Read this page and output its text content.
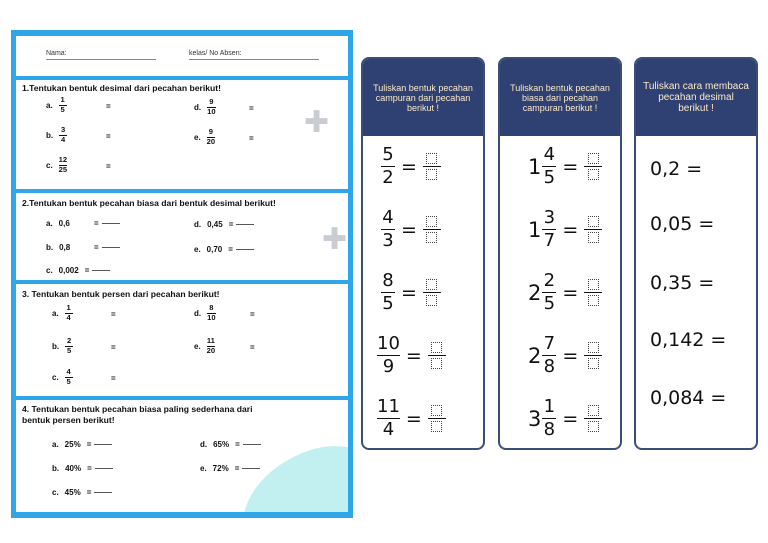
Nama:	kelas/ No Absen:
1.Tentukan bentuk desimal dari pecahan berikut!
a. $\frac{1}{5}$	=
b. $\frac{3}{4}$	=
c. $\frac{12}{25}$	=
d. $\frac{9}{10}$	=
e. $\frac{9}{20}$	= ✚
2.Tentukan bentuk pecahan biasa dari bentuk desimal berikut!
a. 0,6	=
b. 0,8	=
c. 0,002 =
d. 0,45 =
e. 0,70 =	✚
3. Tentukan bentuk persen dari pecahan berikut!
a. $\frac{1}{4}$	=
b. $\frac{2}{5}$	=
c. $\frac{4}{5}$	=
d. $\frac{8}{10}$	=
e. $\frac{11}{20}$	=
4. Tentukan bentuk pecahan biasa paling sederhana dari
bentuk persen berikut!
a. 25% =
b. 40% =
c. 45% =
d. 65% =
e. 72% =
Tuliskan bentuk pecahan campuran dari pecahan berikut !
5
2 =
4
3 =
8
5 =
10
9 =
11
4 =
Tuliskan bentuk pecahan biasa dari pecahan campuran berikut !
1 4
5 =
1 3
7 =
2 2
5 =
2 7
8 =
3 1
8 =
Tuliskan cara membaca pecahan desimal berikut !
0,2 =
0,05 =
0,35 =
0,142 =
0,084 =
